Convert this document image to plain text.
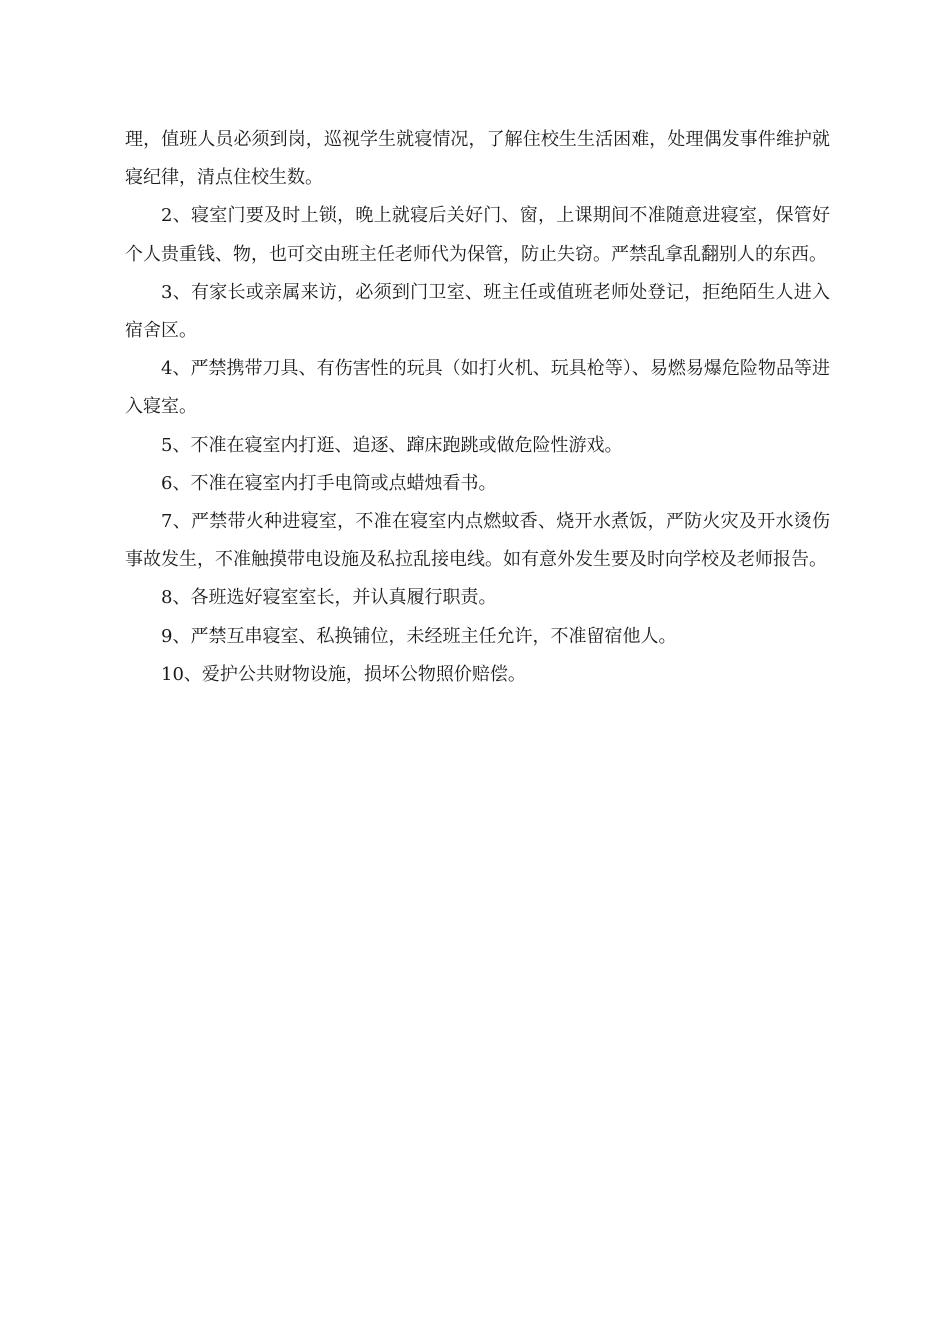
理，值班人员必须到岗，巡视学生就寝情况，了解住校生生活困难，处理偶发事件维护就寝纪律，清点住校生数。

2、寝室门要及时上锁，晚上就寝后关好门、窗，上课期间不准随意进寝室，保管好个人贵重钱、物，也可交由班主任老师代为保管，防止失窃。严禁乱拿乱翻别人的东西。

3、有家长或亲属来访，必须到门卫室、班主任或值班老师处登记，拒绝陌生人进入宿舍区。

4、严禁携带刀具、有伤害性的玩具（如打火机、玩具枪等）、易燃易爆危险物品等进入寝室。

5、不准在寝室内打逛、追逐、蹿床跑跳或做危险性游戏。

6、不准在寝室内打手电筒或点蜡烛看书。

7、严禁带火种进寝室，不准在寝室内点燃蚊香、烧开水煮饭，严防火灾及开水烫伤事故发生，不准触摸带电设施及私拉乱接电线。如有意外发生要及时向学校及老师报告。

8、各班选好寝室室长，并认真履行职责。

9、严禁互串寝室、私换铺位，未经班主任允许，不准留宿他人。

10、爱护公共财物设施，损坏公物照价赔偿。
